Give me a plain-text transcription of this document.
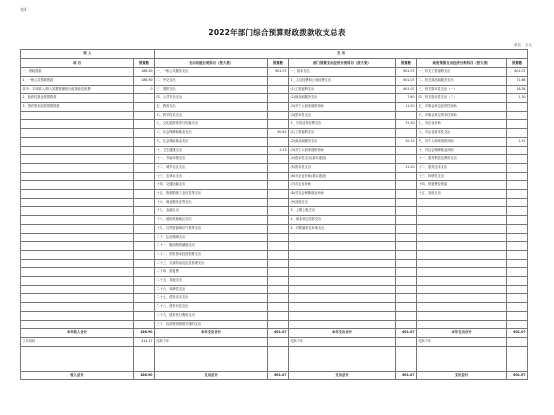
表4
2022年部门综合预算财政拨款收支总表
单位：万元
收 入		支 出					
项 目	预算数	支出功能分类科目（按大类）	预算数	部门预算支出经济分类科目（按大类）	预算数	政府预算支出经济分类科目（按大类）	预算数
一、财政拨款	186.90	一、一般公共服务支出	601.07	一、基本支出	601.07	一、机关工资福利支出	601.07
1、一般公共预算拨款	186.90	二、外交支出		1、人员经费和公用经费支出	601.07	二、机关商品和服务支出	71.68
其中：专项收入/纳入预算管理的行政事业性收费	0	三、国防支出		(1)工资福利支出	601.07	三、机关资本性支出（一）	18.36
2、政府性基金预算拨款		四、公共安全支出		(2)商品和服务支出	7.60	四、机关资本性支出（二）	1.30
3、国有资本经营预算拨款		五、教育支出		(3)对个人和家庭的补助	11.50	五、对事业单位经常性补助	
		六、科学技术支出		(4)资本性支出		六、对事业单位资本性补助	
		七、文化旅游体育与传媒支出		2、专项业务经费支出	31.30	七、对企业补助	
		八、社会保障和就业支出	90.83	(1)工资福利支出		八、对企业资本性支出	
		九、社会保险基金支出		(2)商品和服务支出	20.10	九、对个人和家庭的补助	1.51
		十、卫生健康支出	2.53	(3)对个人和家庭的补助		十、对社会保障基金补助	
		十一、节能环保支出		(4)资本性支出(基本建设)		十一、债务利息及费用支出	
		十二、城乡社区支出		(5)资本性支出	11.20	十二、债务还本支出	
		十三、农林水支出		(6)对企业补助(基本建设)		十三、转移性支出	
		十四、交通运输支出		(7)对企业补助		十四、预备费及预留	
		十五、资源勘探工业信息等支出		(8)对社会保障基金补助		十五、其他支出	
		十六、商业服务业等支出		(9)其他支出			
		十七、金融支出		3、上缴上级支出			
		十八、援助其他地区支出		4、事业单位经营支出			
		十九、自然资源海洋气象等支出		5、对附属单位补助支出			
		二十、住房保障支出					
		二十一、粮油物资储备支出					
		二十二、国有资本经营预算支出					
		二十三、灾害防治及应急管理支出					
		二十四、预备费					
		二十五、其他支出					
		二十六、转移性支出					
		二十七、债务还本支出					
		二十八、债务付息支出					
		二十九、债务发行费用支出					
		三十、抗疫特别国债安排的支出					
本年收入合计	186.90	本年支出合计	601.07	本年支出合计	601.07	本年支出合计	601.07
上年结转	414.17	结转下年		结转下年		结转下年	

收入总计	186.90	支出总计	601.07	支出总计	601.07	支出总计	601.07
